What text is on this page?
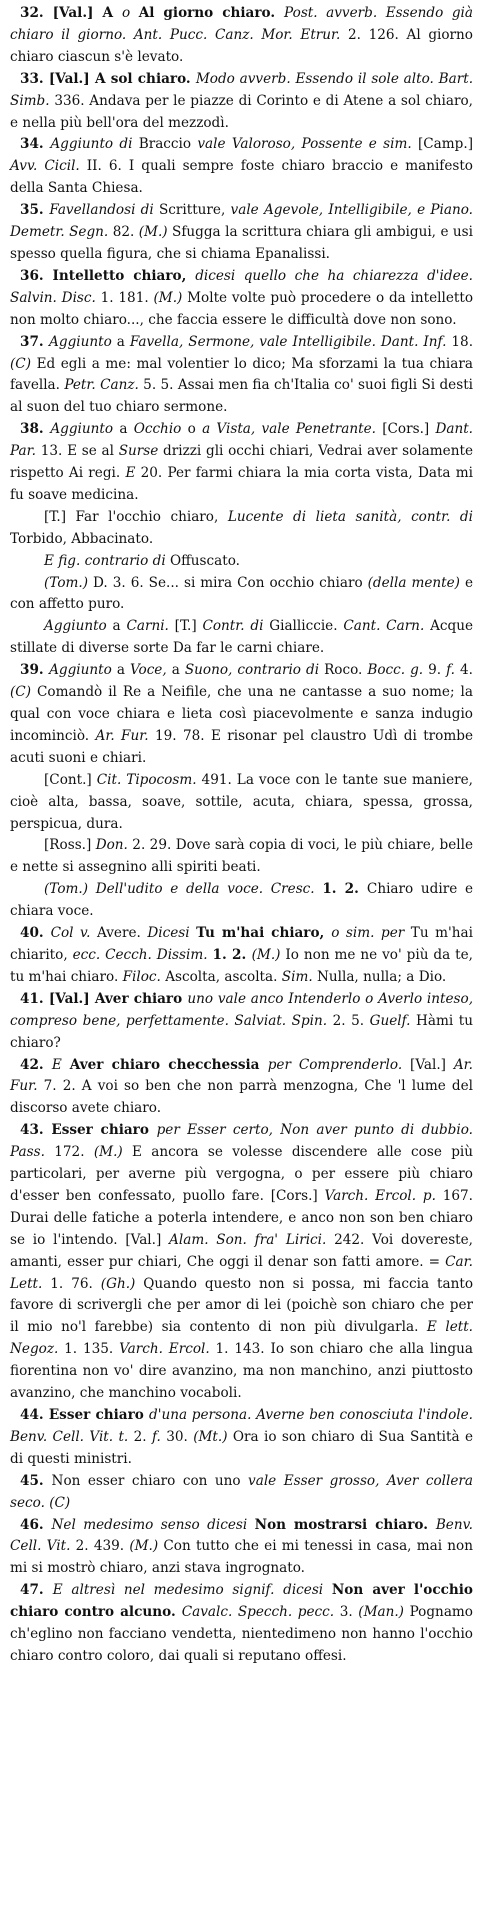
32. [Val.] A o Al giorno chiaro. Post. avverb. Essendo già chiaro il giorno. Ant. Pucc. Canz. Mor. Etrur. 2. 126. Al giorno chiaro ciascun s'è levato.

33. [Val.] A sol chiaro. Modo avverb. Essendo il sole alto. Bart. Simb. 336. Andava per le piazze di Corinto e di Atene a sol chiaro, e nella più bell'ora del mezzodì.

34. Aggiunto di Braccio vale Valoroso, Possente e sim. [Camp.] Avv. Cicil. II. 6. I quali sempre foste chiaro braccio e manifesto della Santa Chiesa.

35. Favellandosi di Scritture, vale Agevole, Intelligibile, e Piano. Demetr. Segn. 82. (M.) Sfugga la scrittura chiara gli ambigui, e usi spesso quella figura, che si chiama Epanalissi.

36. Intelletto chiaro, dicesi quello che ha chiarezza d'idee. Salvin. Disc. 1. 181. (M.) Molte volte può procedere o da intelletto non molto chiaro..., che faccia essere le difficultà dove non sono.

37. Aggiunto a Favella, Sermone, vale Intelligibile. Dant. Inf. 18. (C) Ed egli a me: mal volentier lo dico; Ma sforzami la tua chiara favella. Petr. Canz. 5. 5. Assai men fia ch'Italia co' suoi figli Si desti al suon del tuo chiaro sermone.

38. Aggiunto a Occhio o a Vista, vale Penetrante. [Cors.] Dant. Par. 13. E se al Surse drizzi gli occhi chiari, Vedrai aver solamente rispetto Ai regi. E 20. Per farmi chiara la mia corta vista, Data mi fu soave medicina.

[T.] Far l'occhio chiaro, Lucente di lieta sanità, contr. di Torbido, Abbacinato.

E fig. contrario di Offuscato.

(Tom.) D. 3. 6. Se... si mira Con occhio chiaro (della mente) e con affetto puro.

Aggiunto a Carni. [T.] Contr. di Gialliccie. Cant. Carn. Acque stillate di diverse sorte Da far le carni chiare.

39. Aggiunto a Voce, a Suono, contrario di Roco. Bocc. g. 9. f. 4. (C) Comandò il Re a Neifile, che una ne cantasse a suo nome; la qual con voce chiara e lieta così piacevolmente e sanza indugio incominciò. Ar. Fur. 19. 78. E risonar pel claustro Udì di trombe acuti suoni e chiari.

[Cont.] Cit. Tipocosm. 491. La voce con le tante sue maniere, cioè alta, bassa, soave, sottile, acuta, chiara, spessa, grossa, perspicua, dura.

[Ross.] Don. 2. 29. Dove sarà copia di voci, le più chiare, belle e nette si assegnino alli spiriti beati.

(Tom.) Dell'udito e della voce. Cresc. 1. 2. Chiaro udire e chiara voce.

40. Col v. Avere. Dicesi Tu m'hai chiaro, o sim. per Tu m'hai chiarito, ecc. Cecch. Dissim. 1. 2. (M.) Io non me ne vo' più da te, tu m'hai chiaro. Filoc. Ascolta, ascolta. Sim. Nulla, nulla; a Dio.

41. [Val.] Aver chiaro uno vale anco Intenderlo o Averlo inteso, compreso bene, perfettamente. Salviat. Spin. 2. 5. Guelf. Hàmi tu chiaro?

42. E Aver chiaro checchessia per Comprenderlo. [Val.] Ar. Fur. 7. 2. A voi so ben che non parrà menzogna, Che 'l lume del discorso avete chiaro.

43. Esser chiaro per Esser certo, Non aver punto di dubbio. Pass. 172. (M.) E ancora se volesse discendere alle cose più particolari, per averne più vergogna, o per essere più chiaro d'esser ben confessato, puollo fare. [Cors.] Varch. Ercol. p. 167. Durai delle fatiche a poterla intendere, e anco non son ben chiaro se io l'intendo. [Val.] Alam. Son. fra' Lirici. 242. Voi dovereste, amanti, esser pur chiari, Che oggi il denar son fatti amore. = Car. Lett. 1. 76. (Gh.) Quando questo non si possa, mi faccia tanto favore di scrivergli che per amor di lei (poichè son chiaro che per il mio no'l farebbe) sia contento di non più divulgarla. E lett. Negoz. 1. 135. Varch. Ercol. 1. 143. Io son chiaro che alla lingua fiorentina non vo' dire avanzino, ma non manchino, anzi piuttosto avanzino, che manchino vocaboli.

44. Esser chiaro d'una persona. Averne ben conosciuta l'indole. Benv. Cell. Vit. t. 2. f. 30. (Mt.) Ora io son chiaro di Sua Santità e di questi ministri.

45. Non esser chiaro con uno vale Esser grosso, Aver collera seco. (C)

46. Nel medesimo senso dicesi Non mostrarsi chiaro. Benv. Cell. Vit. 2. 439. (M.) Con tutto che ei mi tenessi in casa, mai non mi si mostrò chiaro, anzi stava ingrognato.

47. E altresì nel medesimo signif. dicesi Non aver l'occhio chiaro contro alcuno. Cavalc. Specch. pecc. 3. (Man.) Pognamo ch'eglino non facciano vendetta, nientedimeno non hanno l'occhio chiaro contro coloro, dai quali si reputano offesi.
